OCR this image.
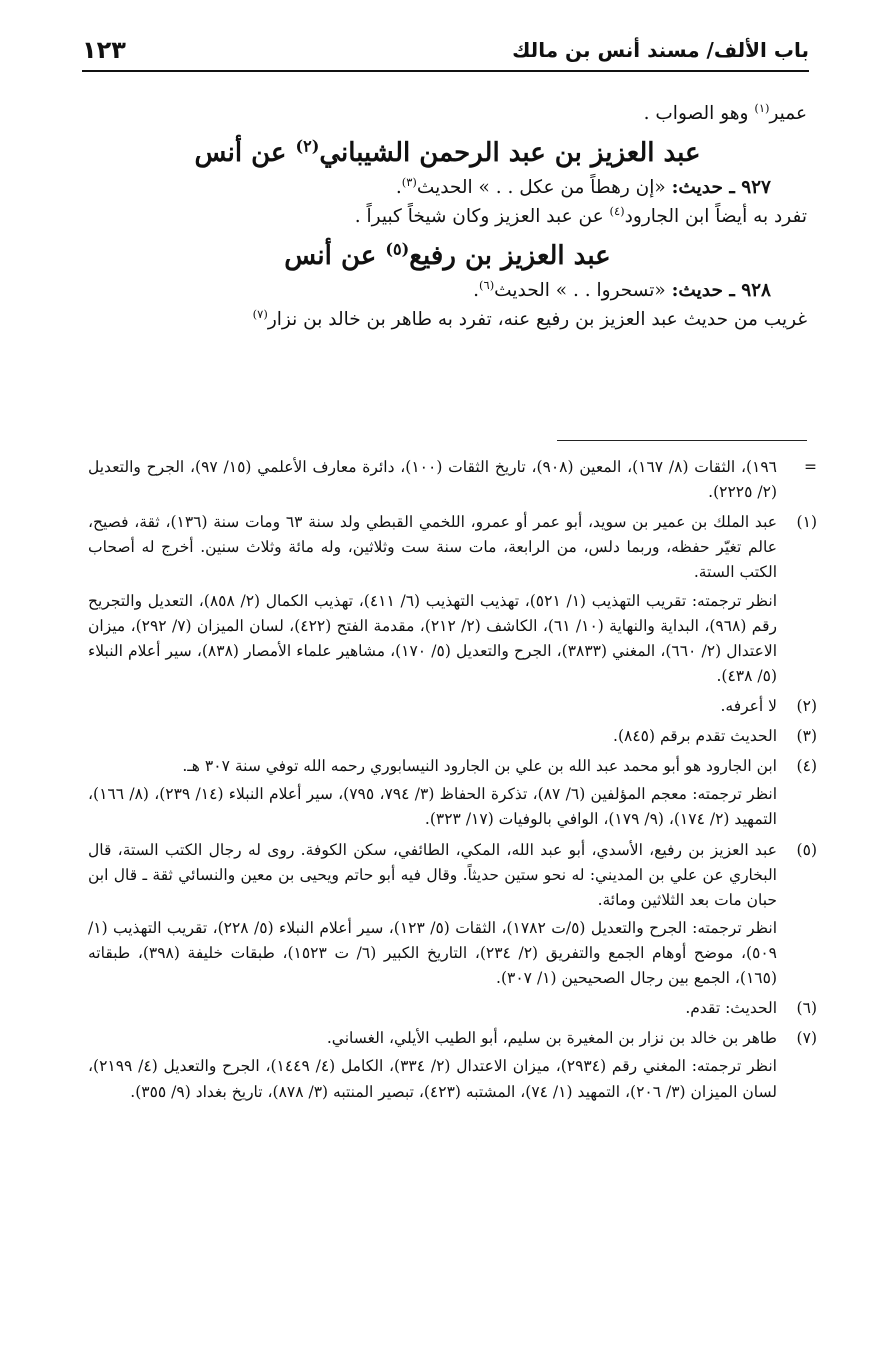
باب الألف/ مسند أنس بن مالك
١٢٣

عمير$^{(١)}$ وهو الصواب .

عبد العزيز بن عبد الرحمن الشيباني$^{(٢)}$ عن أنس

٩٢٧ ـ حديث: «إن رهطاً من عكل . . » الحديث$^{(٣)}$.

تفرد به أيضاً ابن الجارود$^{(٤)}$ عن عبد العزيز وكان شيخاً كبيراً .

عبد العزيز بن رفيع$^{(٥)}$ عن أنس

٩٢٨ ـ حديث: «تسحروا . . » الحديث$^{(٦)}$.

غريب من حديث عبد العزيز بن رفيع عنه، تفرد به طاهر بن خالد بن نزار$^{(٧)}$

=

١٩٦)، الثقات (٨/ ١٦٧)، المعين (٩٠٨)، تاريخ الثقات (١٠٠)، دائرة معارف الأعلمي (١٥/ ٩٧)، الجرح والتعديل (٢/ ٢٢٢٥).

(١)

عبد الملك بن عمير بن سويد، أبو عمر أو عمرو، اللخمي القبطي ولد سنة ٦٣ ومات سنة (١٣٦)، ثقة، فصيح، عالم تغيّر حفظه، وربما دلس، من الرابعة، مات سنة ست وثلاثين، وله مائة وثلاث سنين. أخرج له أصحاب الكتب الستة.

انظر ترجمته: تقريب التهذيب (١/ ٥٢١)، تهذيب التهذيب (٦/ ٤١١)، تهذيب الكمال (٢/ ٨٥٨)، التعديل والتجريح رقم (٩٦٨)، البداية والنهاية (١٠/ ٦١)، الكاشف (٢/ ٢١٢)، مقدمة الفتح (٤٢٢)، لسان الميزان (٧/ ٢٩٢)، ميزان الاعتدال (٢/ ٦٦٠)، المغني (٣٨٣٣)، الجرح والتعديل (٥/ ١٧٠)، مشاهير علماء الأمصار (٨٣٨)، سير أعلام النبلاء (٥/ ٤٣٨).

(٢)

لا أعرفه.

(٣)

الحديث تقدم برقم (٨٤٥).

(٤)

ابن الجارود هو أبو محمد عبد الله بن علي بن الجارود النيسابوري رحمه الله توفي سنة ٣٠٧ هـ.

انظر ترجمته: معجم المؤلفين (٦/ ٨٧)، تذكرة الحفاظ (٣/ ٧٩٤، ٧٩٥)، سير أعلام النبلاء (١٤/ ٢٣٩)، (٨/ ١٦٦)، التمهيد (٢/ ١٧٤)، (٩/ ١٧٩)، الوافي بالوفيات (١٧/ ٣٢٣).

(٥)

عبد العزيز بن رفيع، الأسدي، أبو عبد الله، المكي، الطائفي، سكن الكوفة. روى له رجال الكتب الستة، قال البخاري عن علي بن المديني: له نحو ستين حديثاً. وقال فيه أبو حاتم ويحيى بن معين والنسائي ثقة ـ قال ابن حبان مات بعد الثلاثين ومائة.

انظر ترجمته: الجرح والتعديل (٥/ت ١٧٨٢)، الثقات (٥/ ١٢٣)، سير أعلام النبلاء (٥/ ٢٢٨)، تقريب التهذيب (١/ ٥٠٩)، موضح أوهام الجمع والتفريق (٢/ ٢٣٤)، التاريخ الكبير (٦/ ت ١٥٢٣)، طبقات خليفة (٣٩٨)، طبقاته (١٦٥)، الجمع بين رجال الصحيحين (١/ ٣٠٧).

(٦)

الحديث: تقدم.

(٧)

طاهر بن خالد بن نزار بن المغيرة بن سليم، أبو الطيب الأيلي، الغساني.

انظر ترجمته: المغني رقم (٢٩٣٤)، ميزان الاعتدال (٢/ ٣٣٤)، الكامل (٤/ ١٤٤٩)، الجرح والتعديل (٤/ ٢١٩٩)، لسان الميزان (٣/ ٢٠٦)، التمهيد (١/ ٧٤)، المشتبه (٤٢٣)، تبصير المنتبه (٣/ ٨٧٨)، تاريخ بغداد (٩/ ٣٥٥).
